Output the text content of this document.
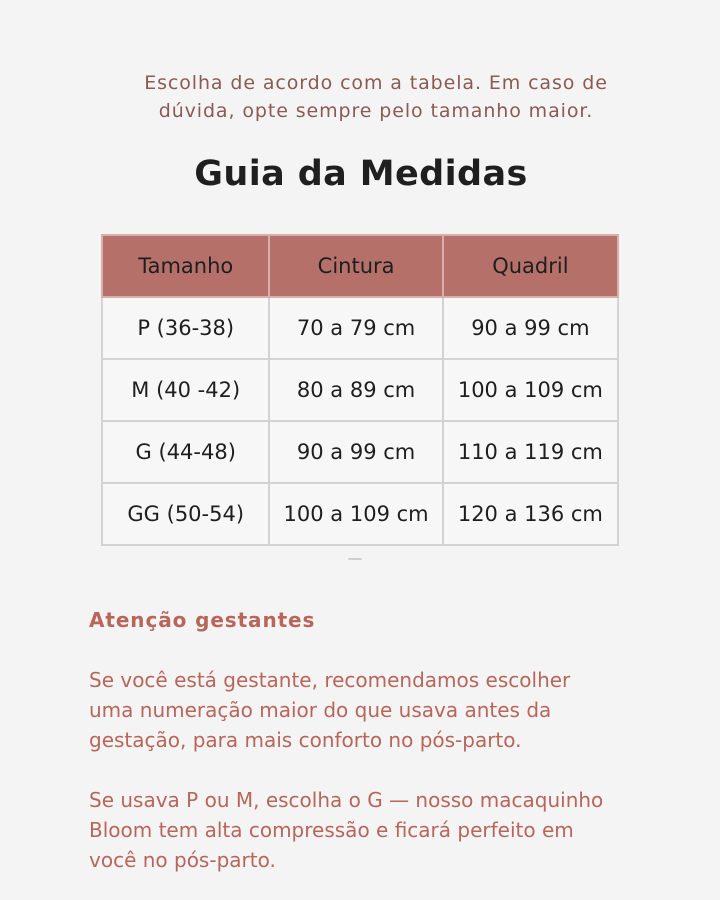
Escolha de acordo com a tabela. Em caso de
dúvida, opte sempre pelo tamanho maior.
Guia da Medidas
Tamanho	Cintura	Quadril
P (36-38)	70 a 79 cm	90 a 99 cm
M (40 -42)	80 a 89 cm	100 a 109 cm
G (44-48)	90 a 99 cm	110 a 119 cm
GG (50-54)	100 a 109 cm	120 a 136 cm
Atenção gestantes

Se você está gestante, recomendamos escolher
uma numeração maior do que usava antes da
gestação, para mais conforto no pós-parto.

Se usava P ou M, escolha o G — nosso macaquinho
Bloom tem alta compressão e ficará perfeito em
você no pós-parto.
